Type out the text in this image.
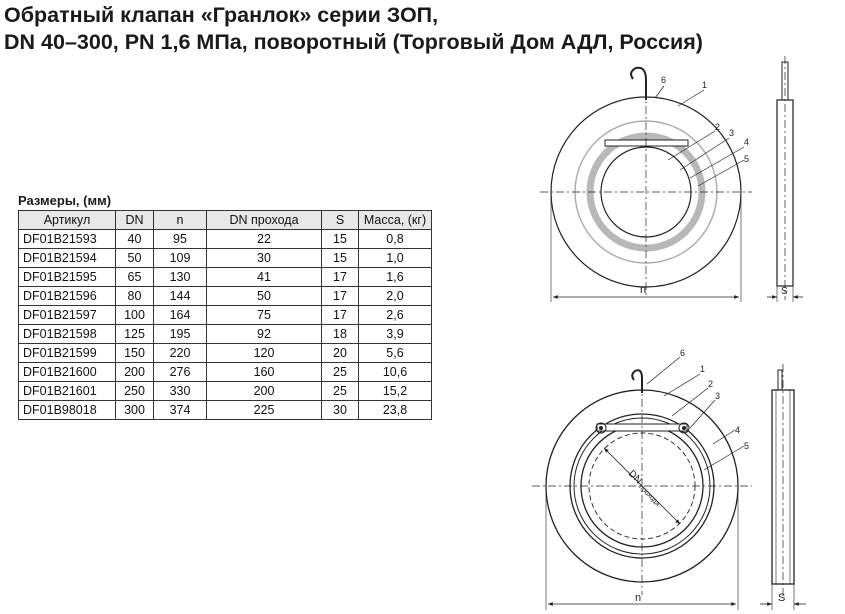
Обратный клапан «Гранлок» серии ЗОП,
DN 40–300, PN 1,6 МПа, поворотный (Торговый Дом АДЛ, Россия)
Размеры, (мм)
Артикул	DN	n	DN прохода	S	Масса, (кг)
DF01B21593	40	95	22	15	0,8
DF01B21594	50	109	30	15	1,0
DF01B21595	65	130	41	17	1,6
DF01B21596	80	144	50	17	2,0
DF01B21597	100	164	75	17	2,6
DF01B21598	125	195	92	18	3,9
DF01B21599	150	220	120	20	5,6
DF01B21600	200	276	160	25	10,6
DF01B21601	250	330	200	25	15,2
DF01B98018	300	374	225	30	23,8
6	1
2
3
4
5
n	S
6
1
2
3
4
5
n
DN
прохода
S
